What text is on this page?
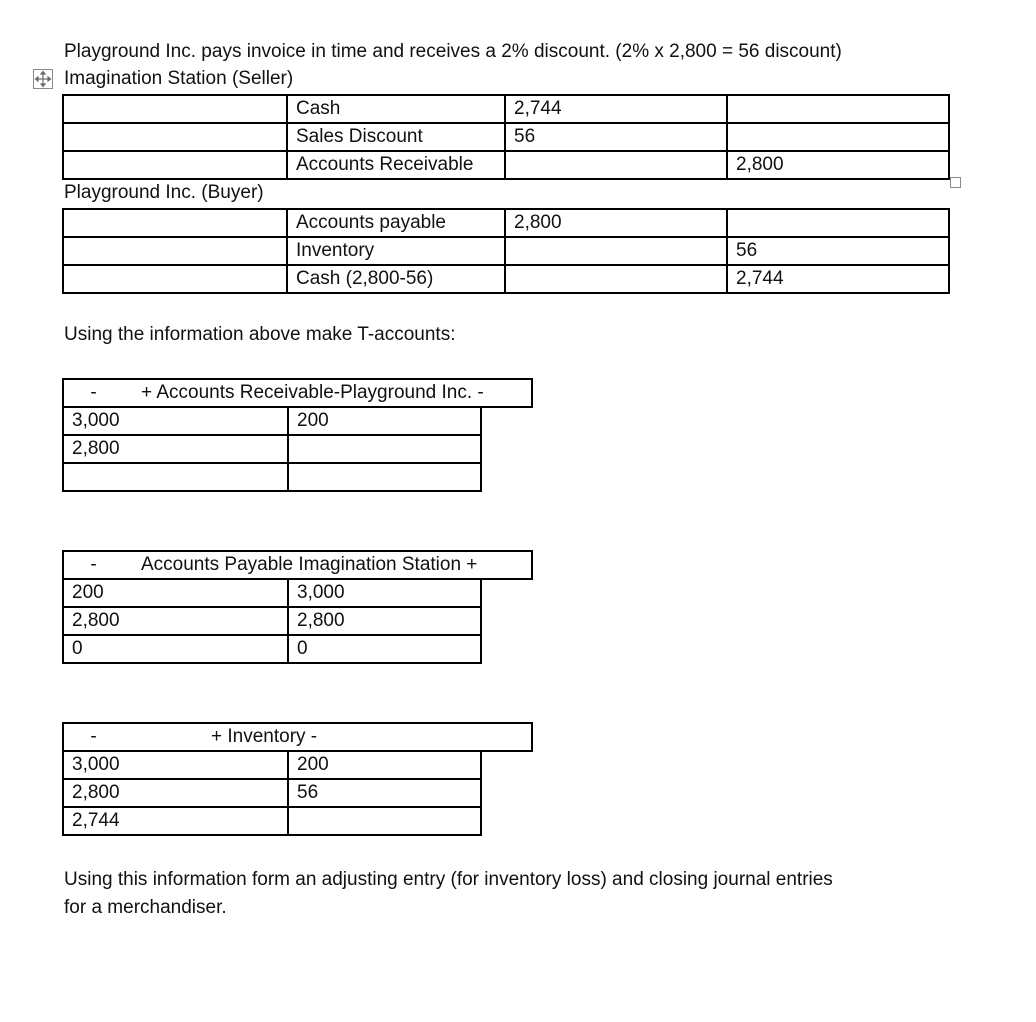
Playground Inc. pays invoice in time and receives a 2% discount. (2% x 2,800 = 56 discount)
Imagination Station (Seller)
	Cash	2,744	
	Sales Discount	56	
	Accounts Receivable		2,800
Playground Inc. (Buyer)
	Accounts payable	2,800	
	Inventory		56
	Cash (2,800-56)		2,744
Using the information above make T-accounts:
-	+ Accounts Receivable-Playground Inc. -
3,000	200
2,800	

-	Accounts Payable Imagination Station +
200	3,000
2,800	2,800
0	0
-	+ Inventory -
3,000	200
2,800	56
2,744	
Using this information form an adjusting entry (for inventory loss) and closing journal entries
for a merchandiser.
